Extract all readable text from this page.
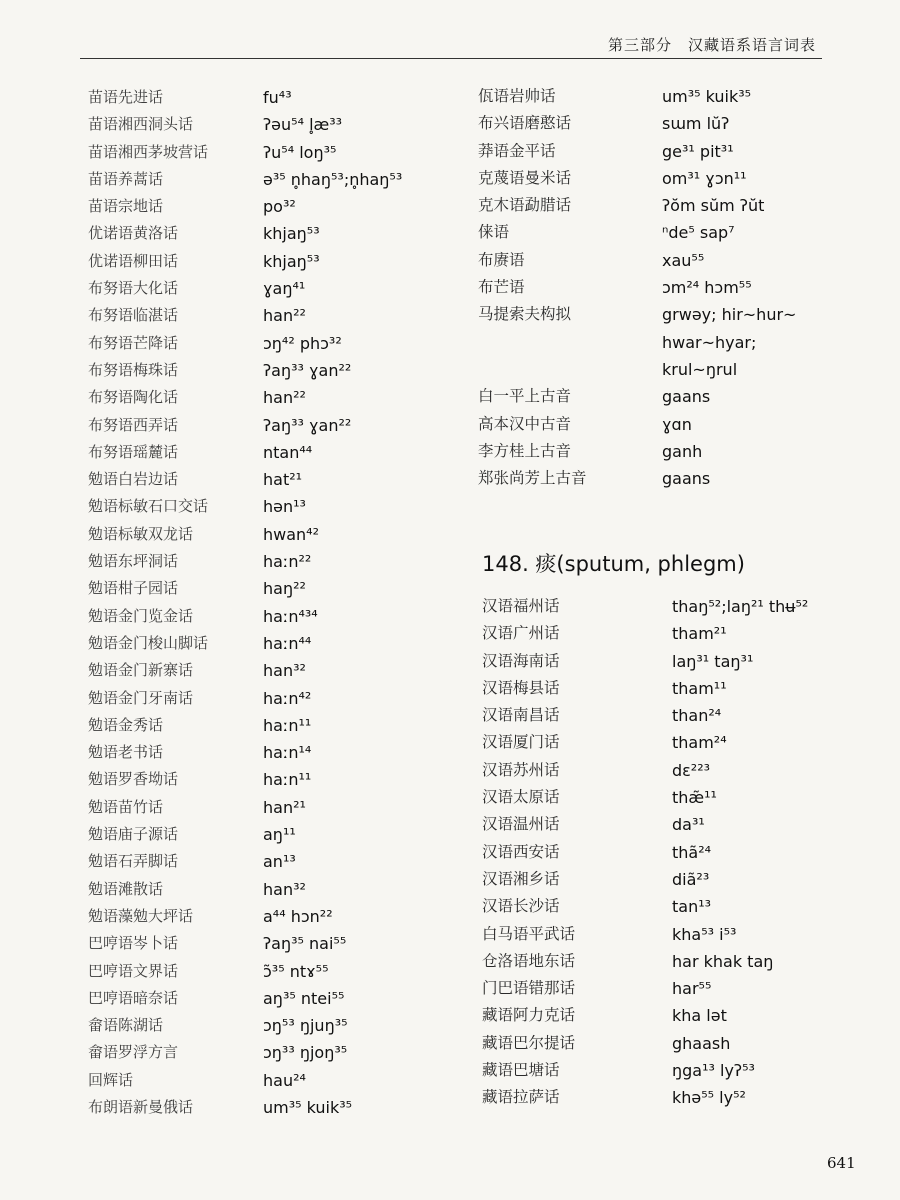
第三部分　汉藏语系语言词表
苗语先进话	fu⁴³
苗语湘西洞头话	ʔəu⁵⁴ l̥æ³³
苗语湘西茅坡营话	ʔu⁵⁴ loŋ³⁵
苗语养蒿话	ə³⁵ n̥haŋ⁵³;n̥haŋ⁵³
苗语宗地话	po³²
优诺语黄洛话	khjaŋ⁵³
优诺语柳田话	khjaŋ⁵³
布努语大化话	ɣaŋ⁴¹
布努语临湛话	han²²
布努语芒降话	ɔŋ⁴² phɔ³²
布努语梅珠话	ʔaŋ³³ ɣan²²
布努语陶化话	han²²
布努语西弄话	ʔaŋ³³ ɣan²²
布努语瑶麓话	ntan⁴⁴
勉语白岩边话	hat²¹
勉语标敏石口交话	hən¹³
勉语标敏双龙话	hwan⁴²
勉语东坪洞话	haːn²²
勉语柑子园话	haŋ²²
勉语金门览金话	haːn⁴³⁴
勉语金门梭山脚话	haːn⁴⁴
勉语金门新寨话	han³²
勉语金门牙南话	haːn⁴²
勉语金秀话	haːn¹¹
勉语老书话	haːn¹⁴
勉语罗香坳话	haːn¹¹
勉语苗竹话	han²¹
勉语庙子源话	aŋ¹¹
勉语石弄脚话	an¹³
勉语滩散话	han³²
勉语藻勉大坪话	a⁴⁴ hɔn²²
巴哼语岑卜话	ʔaŋ³⁵ nai⁵⁵
巴哼语文界话	ɔ̃³⁵ ntɤ⁵⁵
巴哼语暗奈话	aŋ³⁵ ntei⁵⁵
畲语陈湖话	ɔŋ⁵³ ŋjuŋ³⁵
畲语罗浮方言	ɔŋ³³ ŋjoŋ³⁵
回辉话	hau²⁴
布朗语新曼俄话	um³⁵ kuik³⁵
佤语岩帅话	um³⁵ kuik³⁵
布兴语磨憨话	sɯm lŭʔ
莽语金平话	ge³¹ pit³¹
克蔑语曼米话	om³¹ ɣɔn¹¹
克木语勐腊话	ʔŏm sŭm ʔŭt
俫语	ⁿde⁵ sap⁷
布赓语	xau⁵⁵
布芒语	ɔm²⁴ hɔm⁵⁵
马提索夫构拟	grwəy; hir~hur~
hwar~hyar;
krul~ŋrul
白一平上古音	gaans
高本汉中古音	ɣɑn
李方桂上古音	ganh
郑张尚芳上古音	gaans
148. 痰(sputum, phlegm)
汉语福州话	thaŋ⁵²;laŋ²¹ thʉ⁵²
汉语广州话	tham²¹
汉语海南话	laŋ³¹ taŋ³¹
汉语梅县话	tham¹¹
汉语南昌话	than²⁴
汉语厦门话	tham²⁴
汉语苏州话	dɛ²²³
汉语太原话	thæ̃¹¹
汉语温州话	da³¹
汉语西安话	thã²⁴
汉语湘乡话	diã²³
汉语长沙话	tan¹³
白马语平武话	kha⁵³ i⁵³
仓洛语地东话	har khak taŋ
门巴语错那话	har⁵⁵
藏语阿力克话	kha lət
藏语巴尔提话	ghaash
藏语巴塘话	ŋga¹³ lyʔ⁵³
藏语拉萨话	khə⁵⁵ ly⁵²
641
